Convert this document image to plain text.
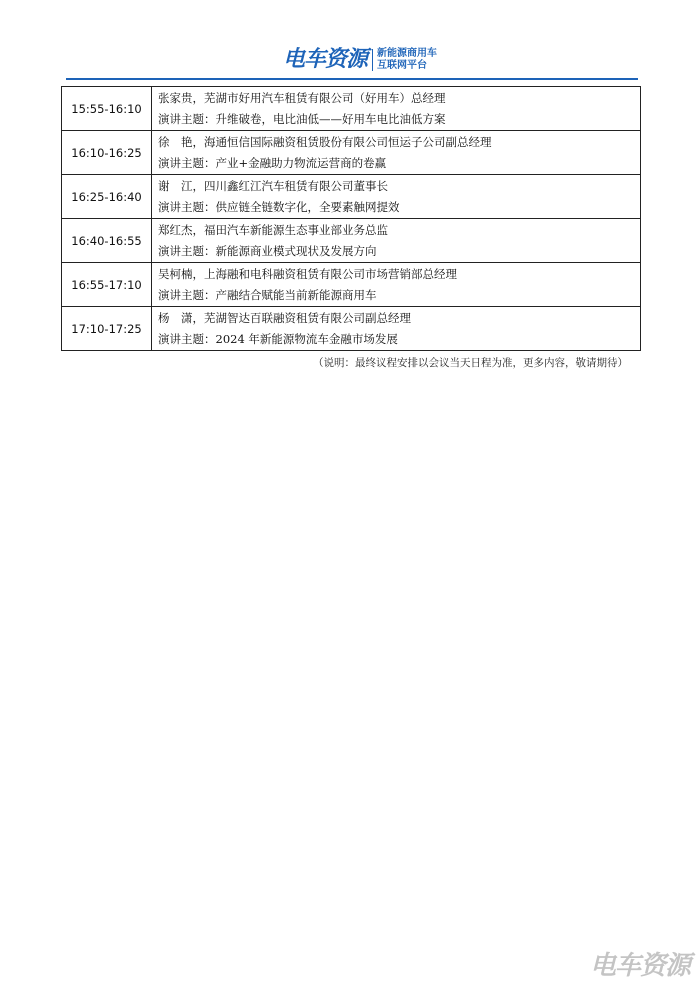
电车资源 新能源商用车
互联网平台
15:55-16:10	张家贵，芜湖市好用汽车租赁有限公司（好用车）总经理
演讲主题：升维破卷，电比油低——好用车电比油低方案

16:10-16:25	徐　艳，海通恒信国际融资租赁股份有限公司恒运子公司副总经理
演讲主题：产业+金融助力物流运营商的卷赢

16:25-16:40	谢　江，四川鑫红江汽车租赁有限公司董事长
演讲主题：供应链全链数字化，全要素触网提效

16:40-16:55	郑红杰，福田汽车新能源生态事业部业务总监
演讲主题：新能源商业模式现状及发展方向

16:55-17:10	吴柯楠，上海融和电科融资租赁有限公司市场营销部总经理
演讲主题：产融结合赋能当前新能源商用车

17:10-17:25	杨　潇，芜湖智达百联融资租赁有限公司副总经理
演讲主题：2024 年新能源物流车金融市场发展
（说明：最终议程安排以会议当天日程为准，更多内容，敬请期待）
电车资源
